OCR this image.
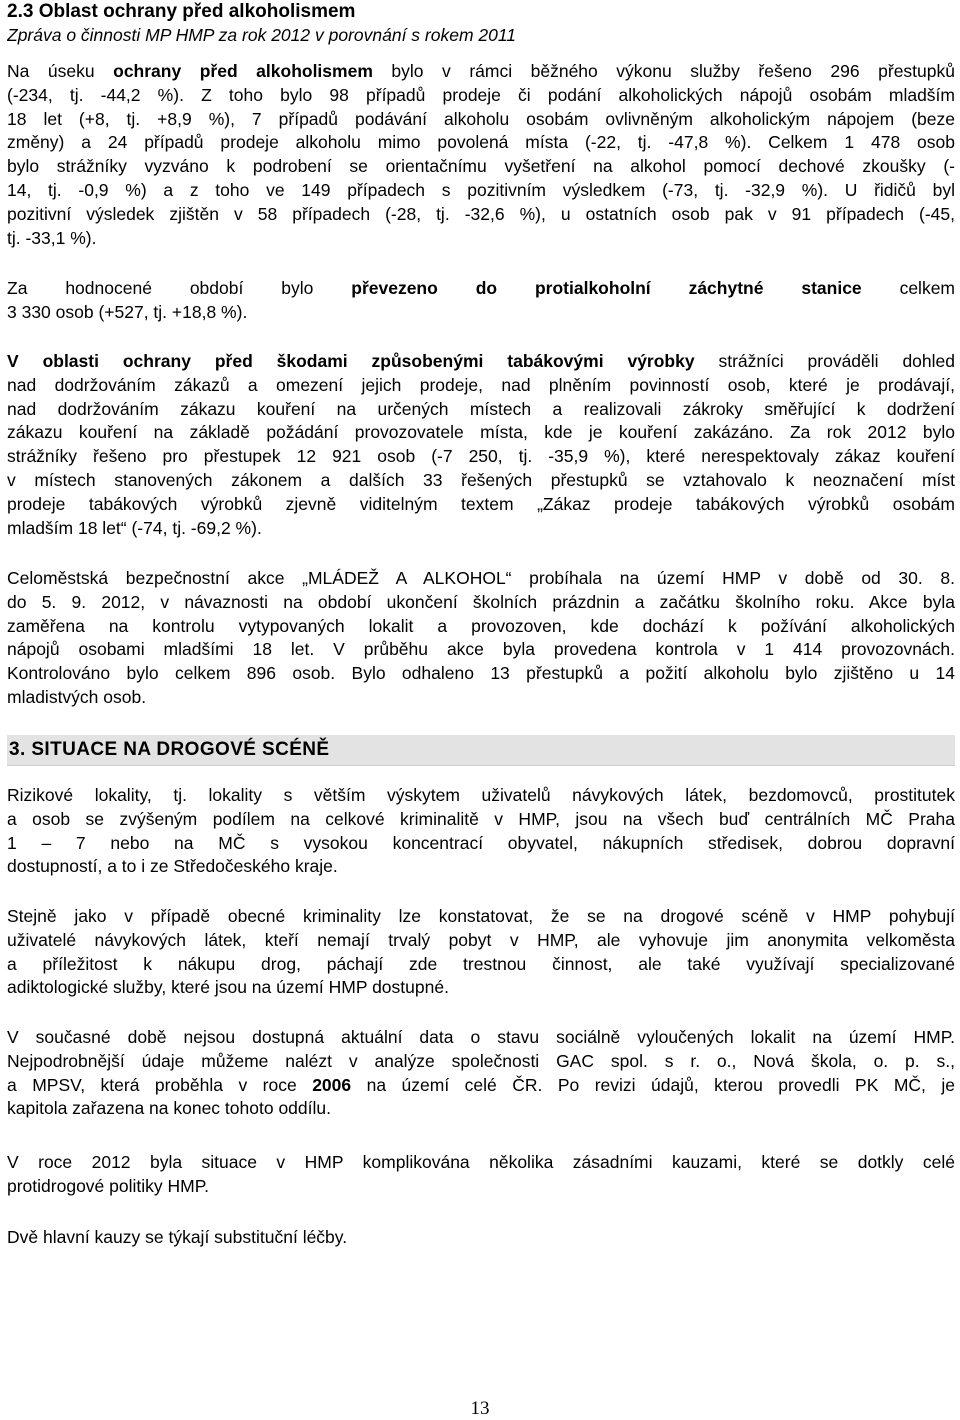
2.3 Oblast ochrany před alkoholismem
Zpráva o činnosti MP HMP za rok 2012 v porovnání s rokem 2011
Na úseku ochrany před alkoholismem bylo v rámci běžného výkonu služby řešeno 296 přestupků
(-234, tj. -44,2 %). Z toho bylo 98 případů prodeje či podání alkoholických nápojů osobám mladším
18 let (+8, tj. +8,9 %), 7 případů podávání alkoholu osobám ovlivněným alkoholickým nápojem (beze
změny) a 24 případů prodeje alkoholu mimo povolená místa (-22, tj. -47,8 %). Celkem 1 478 osob
bylo strážníky vyzváno k podrobení se orientačnímu vyšetření na alkohol pomocí dechové zkoušky (-
14, tj. -0,9 %) a z toho ve 149 případech s pozitivním výsledkem (-73, tj. -32,9 %). U řidičů byl
pozitivní výsledek zjištěn v 58 případech (-28, tj. -32,6 %), u ostatních osob pak v 91 případech (-45,
tj. -33,1 %).
Za hodnocené období bylo převezeno do protialkoholní záchytné stanice celkem
3 330 osob (+527, tj. +18,8 %).
V oblasti ochrany před škodami způsobenými tabákovými výrobky strážníci prováděli dohled
nad dodržováním zákazů a omezení jejich prodeje, nad plněním povinností osob, které je prodávají,
nad dodržováním zákazu kouření na určených místech a realizovali zákroky směřující k dodržení
zákazu kouření na základě požádání provozovatele místa, kde je kouření zakázáno. Za rok 2012 bylo
strážníky řešeno pro přestupek 12 921 osob (-7 250, tj. -35,9 %), které nerespektovaly zákaz kouření
v místech stanovených zákonem a dalších 33 řešených přestupků se vztahovalo k neoznačení míst
prodeje tabákových výrobků zjevně viditelným textem „Zákaz prodeje tabákových výrobků osobám
mladším 18 let“ (-74, tj. -69,2 %).
Celoměstská bezpečnostní akce „MLÁDEŽ A ALKOHOL“ probíhala na území HMP v době od 30. 8.
do 5. 9. 2012, v návaznosti na období ukončení školních prázdnin a začátku školního roku. Akce byla
zaměřena na kontrolu vytypovaných lokalit a provozoven, kde dochází k požívání alkoholických
nápojů osobami mladšími 18 let. V průběhu akce byla provedena kontrola v 1 414 provozovnách.
Kontrolováno bylo celkem 896 osob. Bylo odhaleno 13 přestupků a požití alkoholu bylo zjištěno u 14
mladistvých osob.
3. SITUACE NA DROGOVÉ SCÉNĚ
Rizikové lokality, tj. lokality s větším výskytem uživatelů návykových látek, bezdomovců, prostitutek
a osob se zvýšeným podílem na celkové kriminalitě v HMP, jsou na všech buď centrálních MČ Praha
1 – 7 nebo na MČ s vysokou koncentrací obyvatel, nákupních středisek, dobrou dopravní
dostupností, a to i ze Středočeského kraje.
Stejně jako v případě obecné kriminality lze konstatovat, že se na drogové scéně v HMP pohybují
uživatelé návykových látek, kteří nemají trvalý pobyt v HMP, ale vyhovuje jim anonymita velkoměsta
a příležitost k nákupu drog, páchají zde trestnou činnost, ale také využívají specializované
adiktologické služby, které jsou na území HMP dostupné.
V současné době nejsou dostupná aktuální data o stavu sociálně vyloučených lokalit na území HMP.
Nejpodrobnější údaje můžeme nalézt v analýze společnosti GAC spol. s r. o., Nová škola, o. p. s.,
a MPSV, která proběhla v roce 2006 na území celé ČR. Po revizi údajů, kterou provedli PK MČ, je
kapitola zařazena na konec tohoto oddílu.
V roce 2012 byla situace v HMP komplikována několika zásadními kauzami, které se dotkly celé
protidrogové politiky HMP.
Dvě hlavní kauzy se týkají substituční léčby.
13
